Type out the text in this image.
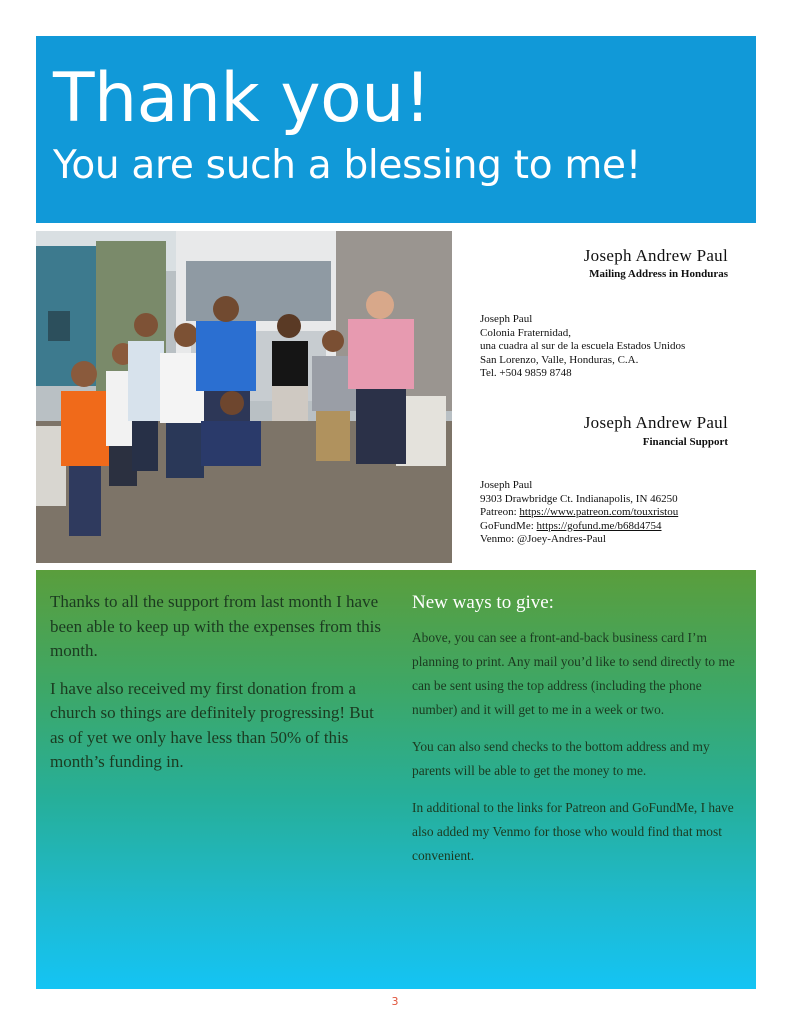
Thank you!
You are such a blessing to me!
Joseph Andrew Paul
Mailing Address in Honduras
Joseph Paul
Colonia Fraternidad,
una cuadra al sur de la escuela Estados Unidos
San Lorenzo, Valle, Honduras, C.A.
Tel. +504 9859 8748
Joseph Andrew Paul
Financial Support
Joseph Paul
9303 Drawbridge Ct. Indianapolis, IN 46250
Patreon: https://www.patreon.com/touxristou
GoFundMe: https://gofund.me/b68d4754
Venmo: @Joey-Andres-Paul

Thanks to all the support from last month I have been able to keep up with the expenses from this month.

I have also received my first donation from a church so things are definitely progressing! But as of yet we only have less than 50% of this month’s funding in.

New ways to give:

Above, you can see a front-and-back business card I’m planning to print. Any mail you’d like to send directly to me can be sent using the top address (including the phone number) and it will get to me in a week or two.

You can also send checks to the bottom address and my parents will be able to get the money to me.

In additional to the links for Patreon and GoFundMe, I have also added my Venmo for those who would find that most convenient.

3
